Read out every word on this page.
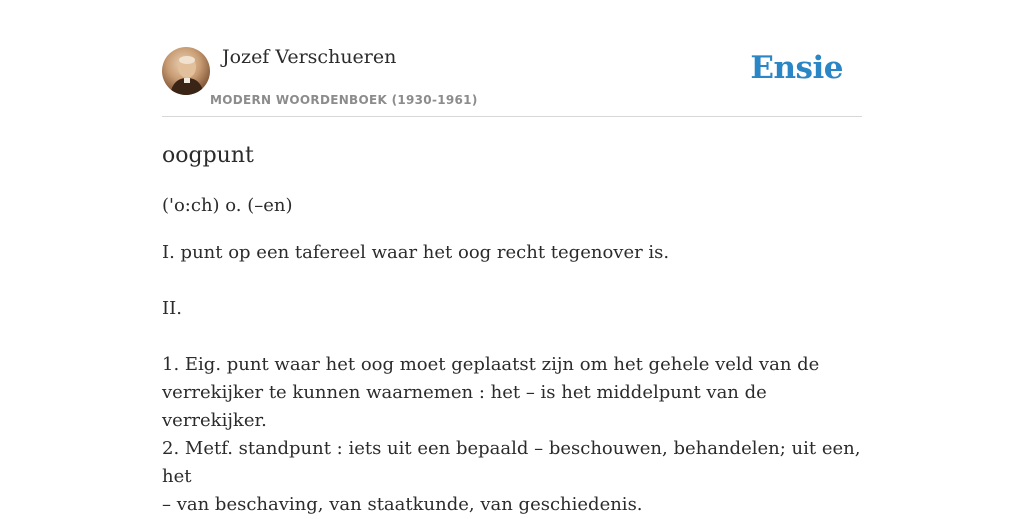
Jozef Verschueren
MODERN WOORDENBOEK (1930-1961)
Ensie
oogpunt
('o:ch) o. (–en)

I. punt op een tafereel waar het oog recht tegenover is.

II.

1. Eig. punt waar het oog moet geplaatst zijn om het gehele veld van de

verrekijker te kunnen waarnemen : het – is het middelpunt van de verrekijker.

2. Metf. standpunt : iets uit een bepaald – beschouwen, behandelen; uit een, het

– van beschaving, van staatkunde, van geschiedenis.
